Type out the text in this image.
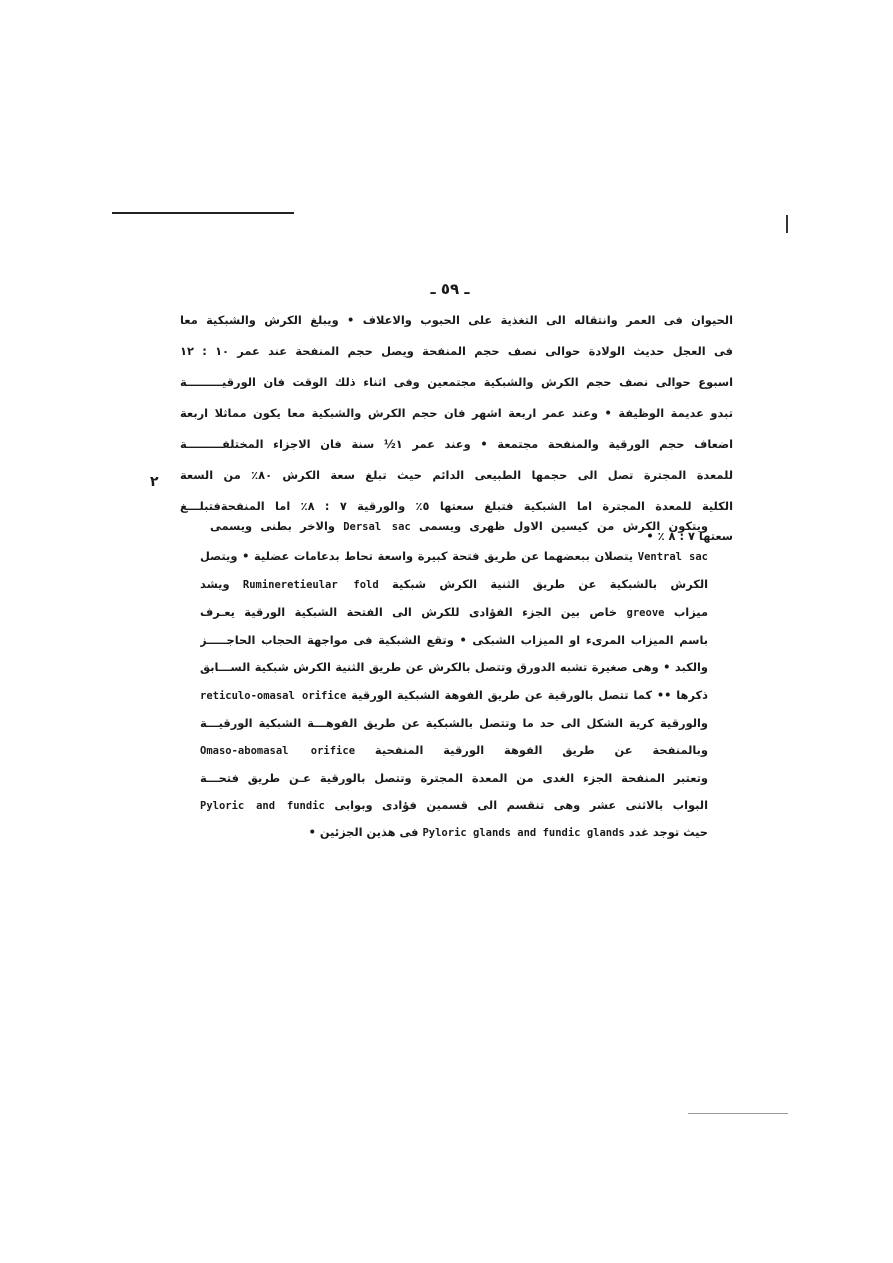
ـ ٥٩ ـ
٢
الحيوان فى العمر وانتقاله الى التغذية على الحبوب والاعلاف • ويبلغ الكرش والشبكية معا
فى العجل حديث الولادة حوالى نصف حجم المنفحة ويصل حجم المنفحة عند عمر ١٠ : ١٢
اسبوع حوالى نصف حجم الكرش والشبكية مجتمعين وفى اثناء ذلك الوقت فان الورقيـــــــــة
تبدو عديمة الوظيفة • وعند عمر اربعة اشهر فان حجم الكرش والشبكية معا يكون مماثلا اربعة
اضعاف حجم الورقية والمنفحة مجتمعة • وعند عمر ١½ سنة فان الاجزاء المختلفـــــــــة
للمعدة المجترة تصل الى حجمها الطبيعى الدائم حيث تبلغ سعة الكرش ٨٠٪ من السعة
الكلية للمعدة المجترة اما الشبكية فتبلغ سعتها ٥٪ والورقية ٧ : ٨٪ اما المنفحةفتبلـــغ
سعتها ٧ : ٨ ٪ •
ويتكون الكرش من كيسين الاول ظهرى ويسمى Dersal sac والاخر بطنى ويسمى
Ventral sac يتصلان ببعضهما عن طريق فتحة كبيرة واسعة تحاط بدعامات عضلية • ويتصل
الكرش بالشبكية عن طريق الثنية الكرش شبكية Rumineretieular fold ويشد
ميزاب greove خاص بين الجزء الفؤادى للكرش الى الفتحة الشبكية الورقية يعـرف
باسم الميزاب المرىء او الميزاب الشبكى • وتقع الشبكية فى مواجهة الحجاب الحاجـــــز
والكبد • وهى صغيرة تشبه الدورق وتتصل بالكرش عن طريق الثنية الكرش شبكية الســـابق
ذكرها •• كما تتصل بالورقية عن طريق الفوهة الشبكية الورقية reticulo-omasal orifice
والورقية كرية الشكل الى حد ما وتتصل بالشبكية عن طريق الفوهـــة الشبكية الورقيـــة
وبالمنفحة عن طريق الفوهة الورقية المنفحية Omaso-abomasal orifice
وتعتبر المنفحة الجزء الغدى من المعدة المجترة وتتصل بالورقية عـن طريق فتحـــة
البواب بالاثنى عشر وهى تنقسم الى قسمين فؤادى وبوابى Pyloric and fundic
حيث توجد غدد Pyloric glands and fundic glands فى هذين الجزئين •
